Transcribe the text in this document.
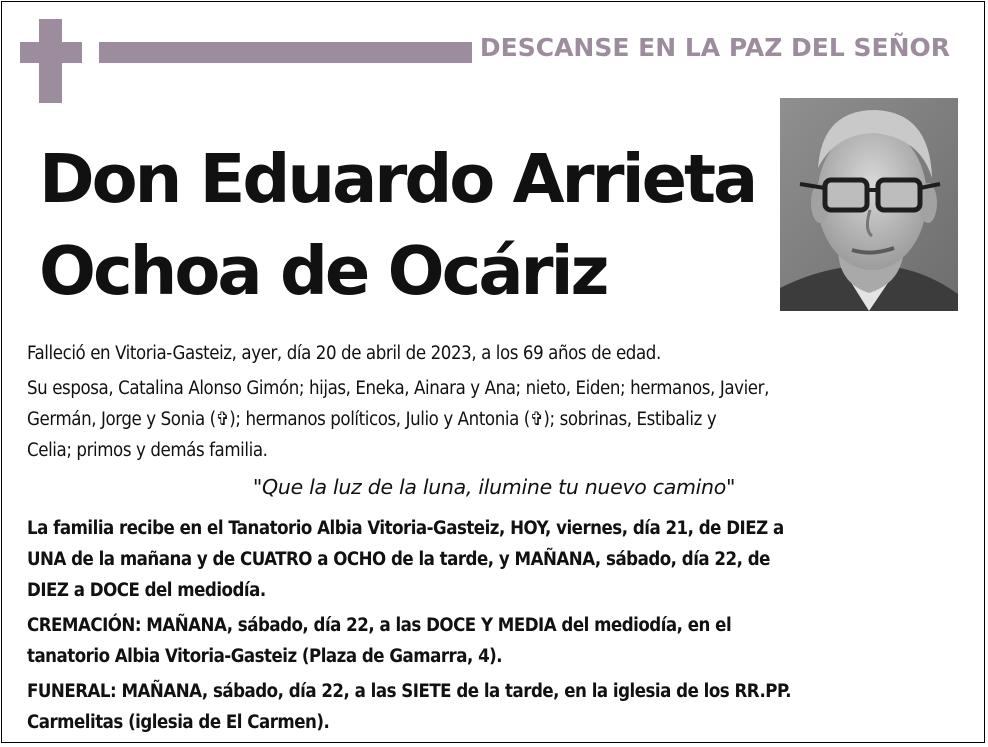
DESCANSE EN LA PAZ DEL SEÑOR
Don Eduardo Arrieta
Ochoa de Ocáriz
Falleció en Vitoria-Gasteiz, ayer, día 20 de abril de 2023, a los 69 años de edad.
Su esposa, Catalina Alonso Gimón; hijas, Eneka, Ainara y Ana; nieto, Eiden; hermanos, Javier,
Germán, Jorge y Sonia (✞); hermanos políticos, Julio y Antonia (✞); sobrinas, Estibaliz y
Celia; primos y demás familia.
"Que la luz de la luna, ilumine tu nuevo camino"
La familia recibe en el Tanatorio Albia Vitoria-Gasteiz, HOY, viernes, día 21, de DIEZ a
UNA de la mañana y de CUATRO a OCHO de la tarde, y MAÑANA, sábado, día 22, de
DIEZ a DOCE del mediodía.
CREMACIÓN: MAÑANA, sábado, día 22, a las DOCE Y MEDIA del mediodía, en el
tanatorio Albia Vitoria-Gasteiz (Plaza de Gamarra, 4).
FUNERAL: MAÑANA, sábado, día 22, a las SIETE de la tarde, en la iglesia de los RR.PP.
Carmelitas (iglesia de El Carmen).
